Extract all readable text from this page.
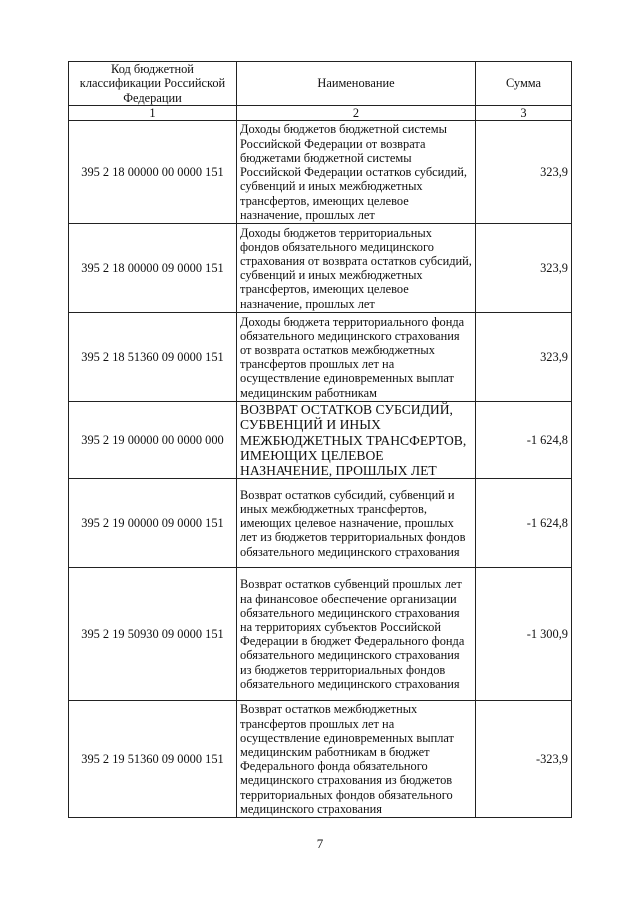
Код бюджетной классификации Российской Федерации	Наименование	Сумма
1	2	3
395 2 18 00000 00 0000 151	Доходы бюджетов бюджетной системы Российской Федерации от возврата бюджетами бюджетной системы Российской Федерации остатков субсидий, субвенций и иных межбюджетных трансфертов, имеющих целевое назначение, прошлых лет	323,9
395 2 18 00000 09 0000 151	Доходы бюджетов территориальных фондов обязательного медицинского страхования от возврата остатков субсидий, субвенций и иных межбюджетных трансфертов, имеющих целевое назначение, прошлых лет	323,9
395 2 18 51360 09 0000 151	Доходы бюджета территориального фонда обязательного медицинского страхования от возврата остатков межбюджетных трансфертов прошлых лет на осуществление единовременных выплат медицинским работникам	323,9
395 2 19 00000 00 0000 000	ВОЗВРАТ ОСТАТКОВ СУБСИДИЙ, СУБВЕНЦИЙ И ИНЫХ МЕЖБЮДЖЕТНЫХ ТРАНСФЕРТОВ, ИМЕЮЩИХ ЦЕЛЕВОЕ НАЗНАЧЕНИЕ, ПРОШЛЫХ ЛЕТ	-1 624,8
395 2 19 00000 09 0000 151	Возврат остатков субсидий, субвенций и иных межбюджетных трансфертов, имеющих целевое назначение, прошлых лет из бюджетов территориальных фондов обязательного медицинского страхования	-1 624,8
395 2 19 50930 09 0000 151	Возврат остатков субвенций прошлых лет на финансовое обеспечение организации обязательного медицинского страхования на территориях субъектов Российской Федерации в бюджет Федерального фонда обязательного медицинского страхования из бюджетов территориальных фондов обязательного медицинского страхования	-1 300,9
395 2 19 51360 09 0000 151	Возврат остатков межбюджетных трансфертов прошлых лет на осуществление единовременных выплат медицинским работникам в бюджет Федерального фонда обязательного медицинского страхования из бюджетов территориальных фондов обязательного медицинского страхования	-323,9
7
